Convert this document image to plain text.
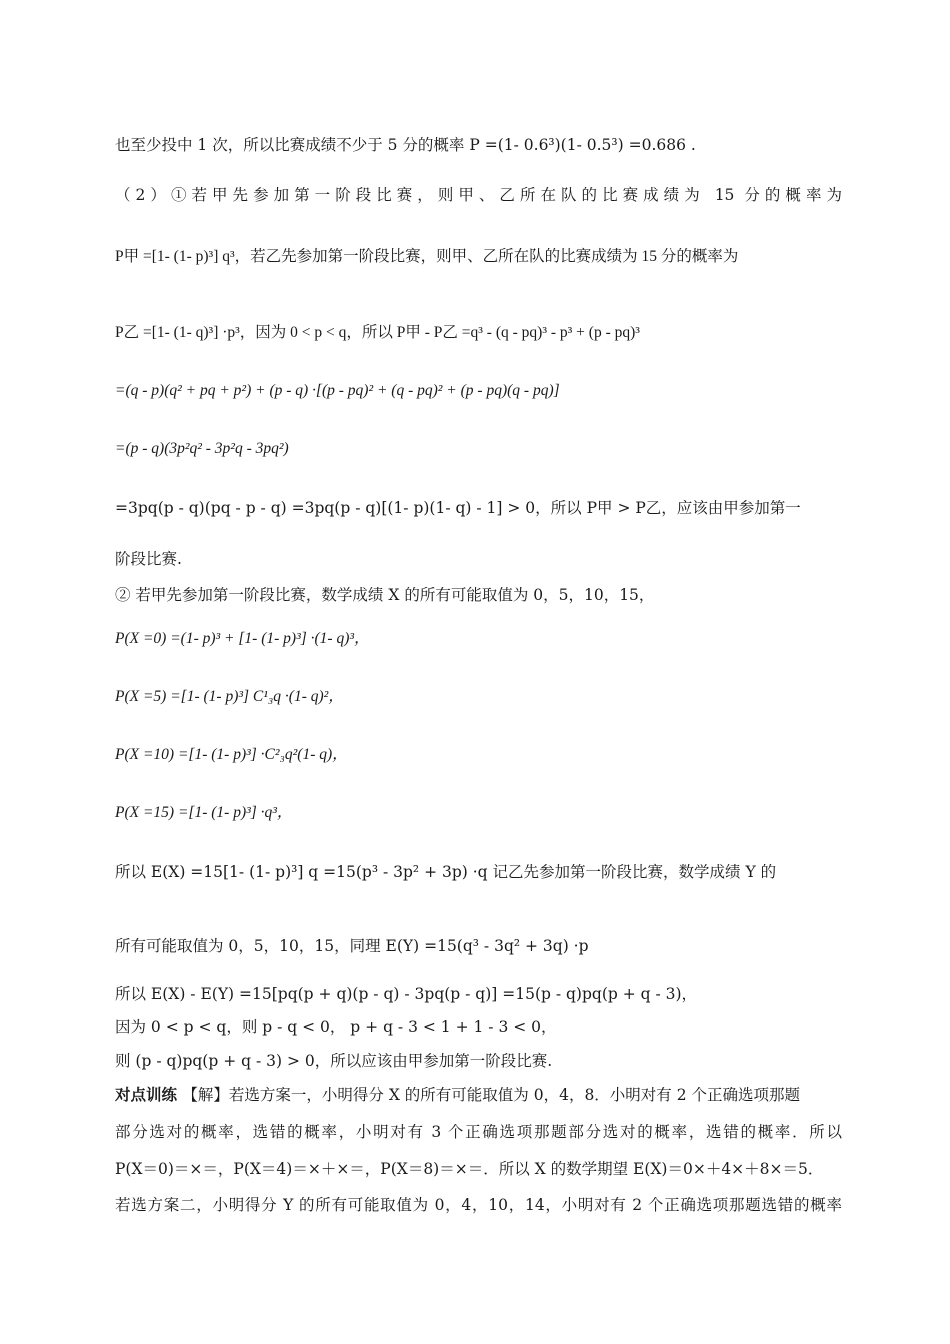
也至少投中 1 次，所以比赛成绩不少于 5 分的概率 P =(1- 0.6³)(1- 0.5³) =0.686 .
（2）①若甲先参加第一阶段比赛，则甲、乙所在队的比赛成绩为 15 分的概率为
P甲 =[1- (1- p)³] q³，若乙先参加第一阶段比赛，则甲、乙所在队的比赛成绩为 15 分的概率为
P乙 =[1- (1- q)³] ·p³，因为 0 < p < q，所以 P甲 - P乙 =q³ - (q - pq)³ - p³ + (p - pq)³
=(q - p)(q² + pq + p²) + (p - q) ·[(p - pq)² + (q - pq)² + (p - pq)(q - pq)]
=(p - q)(3p²q² - 3p²q - 3pq²)
=3pq(p - q)(pq - p - q) =3pq(p - q)[(1- p)(1- q) - 1] > 0，所以 P甲 > P乙，应该由甲参加第一
阶段比赛.
② 若甲先参加第一阶段比赛，数学成绩 X 的所有可能取值为 0，5，10，15，
P(X =0) =(1- p)³ + [1- (1- p)³] ·(1- q)³，
P(X =5) =[1- (1- p)³] C¹₃q ·(1- q)²，
P(X =10) =[1- (1- p)³] ·C²₃q²(1- q)，
P(X =15) =[1- (1- p)³] ·q³，
所以 E(X) =15[1- (1- p)³] q =15(p³ - 3p² + 3p) ·q 记乙先参加第一阶段比赛，数学成绩 Y 的
所有可能取值为 0，5，10，15，同理 E(Y) =15(q³ - 3q² + 3q) ·p
所以 E(X) - E(Y) =15[pq(p + q)(p - q) - 3pq(p - q)] =15(p - q)pq(p + q - 3)，
因为 0 < p < q，则 p - q < 0， p + q - 3 < 1 + 1 - 3 < 0，
则 (p - q)pq(p + q - 3) > 0，所以应该由甲参加第一阶段比赛.
对点训练 【解】若选方案一，小明得分 X 的所有可能取值为 0，4，8．小明对有 2 个正确选项那题
部分选对的概率，选错的概率，小明对有 3 个正确选项那题部分选对的概率，选错的概率．所以
P(X＝0)＝×＝，P(X＝4)＝×＋×＝，P(X＝8)＝×＝．所以 X 的数学期望 E(X)＝0×＋4×＋8×＝5．
若选方案二，小明得分 Y 的所有可能取值为 0，4，10，14，小明对有 2 个正确选项那题选错的概率
